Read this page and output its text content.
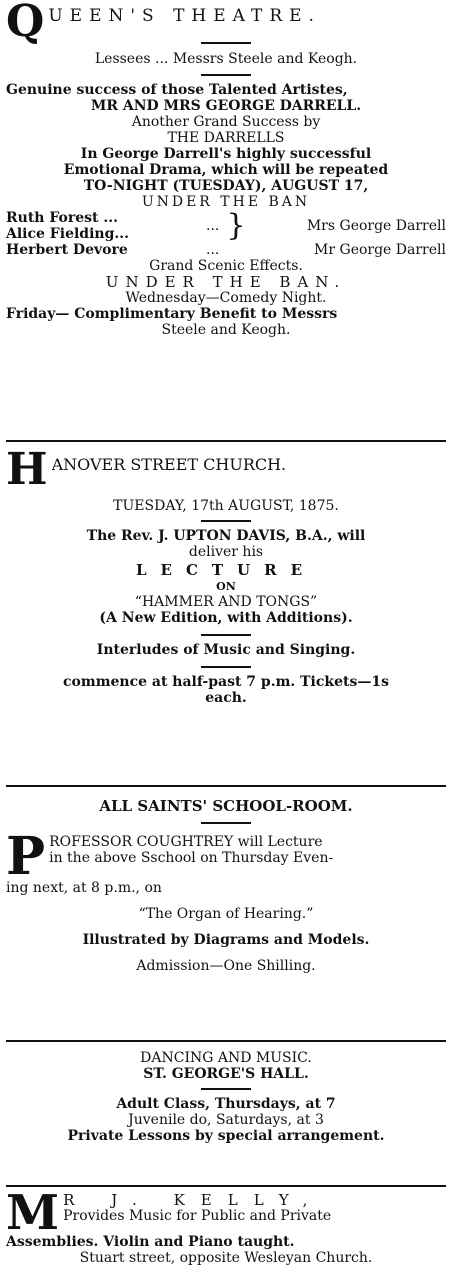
Q UEEN'S THEATRE.
Lessees ... Messrs Steele and Keogh.
Genuine success of those Talented Artistes,
MR AND MRS GEORGE DARRELL.
Another Grand Success by
THE DARRELLS
In George Darrell's highly successful
Emotional Drama, which will be repeated
TO-NIGHT (TUESDAY), AUGUST 17,
UNDER THE BAN
Ruth Forest ...
Alice Fielding...	... }	Mrs George Darrell
Herbert Devore	...	Mr George Darrell
Grand Scenic Effects.
UNDER THE BAN.
Wednesday—Comedy Night.
Friday— Complimentary Benefit to Messrs
Steele and Keogh.
H ANOVER STREET CHURCH.
TUESDAY, 17th AUGUST, 1875.
The Rev. J. UPTON DAVIS, B.A., will
deliver his
LECTURE
ON
“HAMMER AND TONGS”
(A New Edition, with Additions).
Interludes of Music and Singing.
commence at half-past 7 p.m. Tickets—1s
each.
ALL SAINTS' SCHOOL-ROOM.
P ROFESSOR COUGHTREY will Lecture
in the above Sschool on Thursday Even-
ing next, at 8 p.m., on
“The Organ of Hearing.”
Illustrated by Diagrams and Models.
Admission—One Shilling.
DANCING AND MUSIC.
ST. GEORGE'S HALL.
Adult Class, Thursdays, at 7
Juvenile do, Saturdays, at 3
Private Lessons by special arrangement.
M R J. KELLY,
Provides Music for Public and Private
Assemblies. Violin and Piano taught.
Stuart street, opposite Wesleyan Church.
